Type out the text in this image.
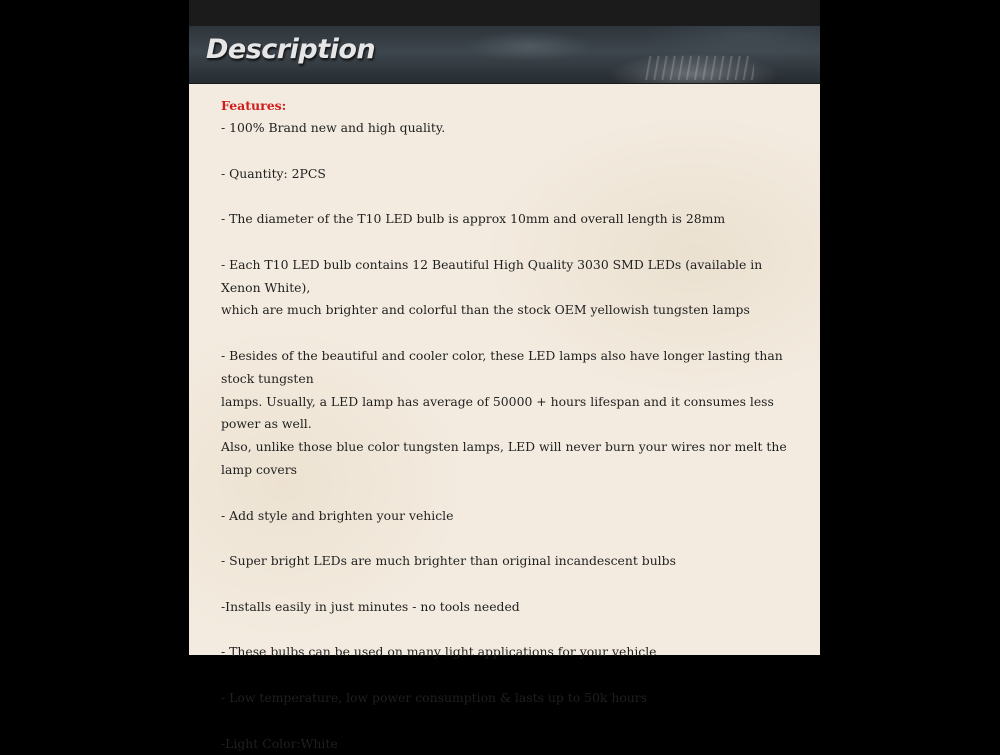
Description
Features:
- 100% Brand new and high quality.
- Quantity: 2PCS
- The diameter of the T10 LED bulb is approx 10mm and overall length is 28mm
- Each T10 LED bulb contains 12 Beautiful High Quality 3030 SMD LEDs (available in Xenon White),
which are much brighter and colorful than the stock OEM yellowish tungsten lamps
- Besides of the beautiful and cooler color, these LED lamps also have longer lasting than stock tungsten
lamps. Usually, a LED lamp has average of 50000 + hours lifespan and it consumes less power as well.
Also, unlike those blue color tungsten lamps, LED will never burn your wires nor melt the lamp covers
- Add style and brighten your vehicle
- Super bright LEDs are much brighter than original incandescent bulbs
-Installs easily in just minutes - no tools needed
- These bulbs can be used on many light applications for your vehicle
- Low temperature, low power consumption & lasts up to 50k hours
-Light Color:White
